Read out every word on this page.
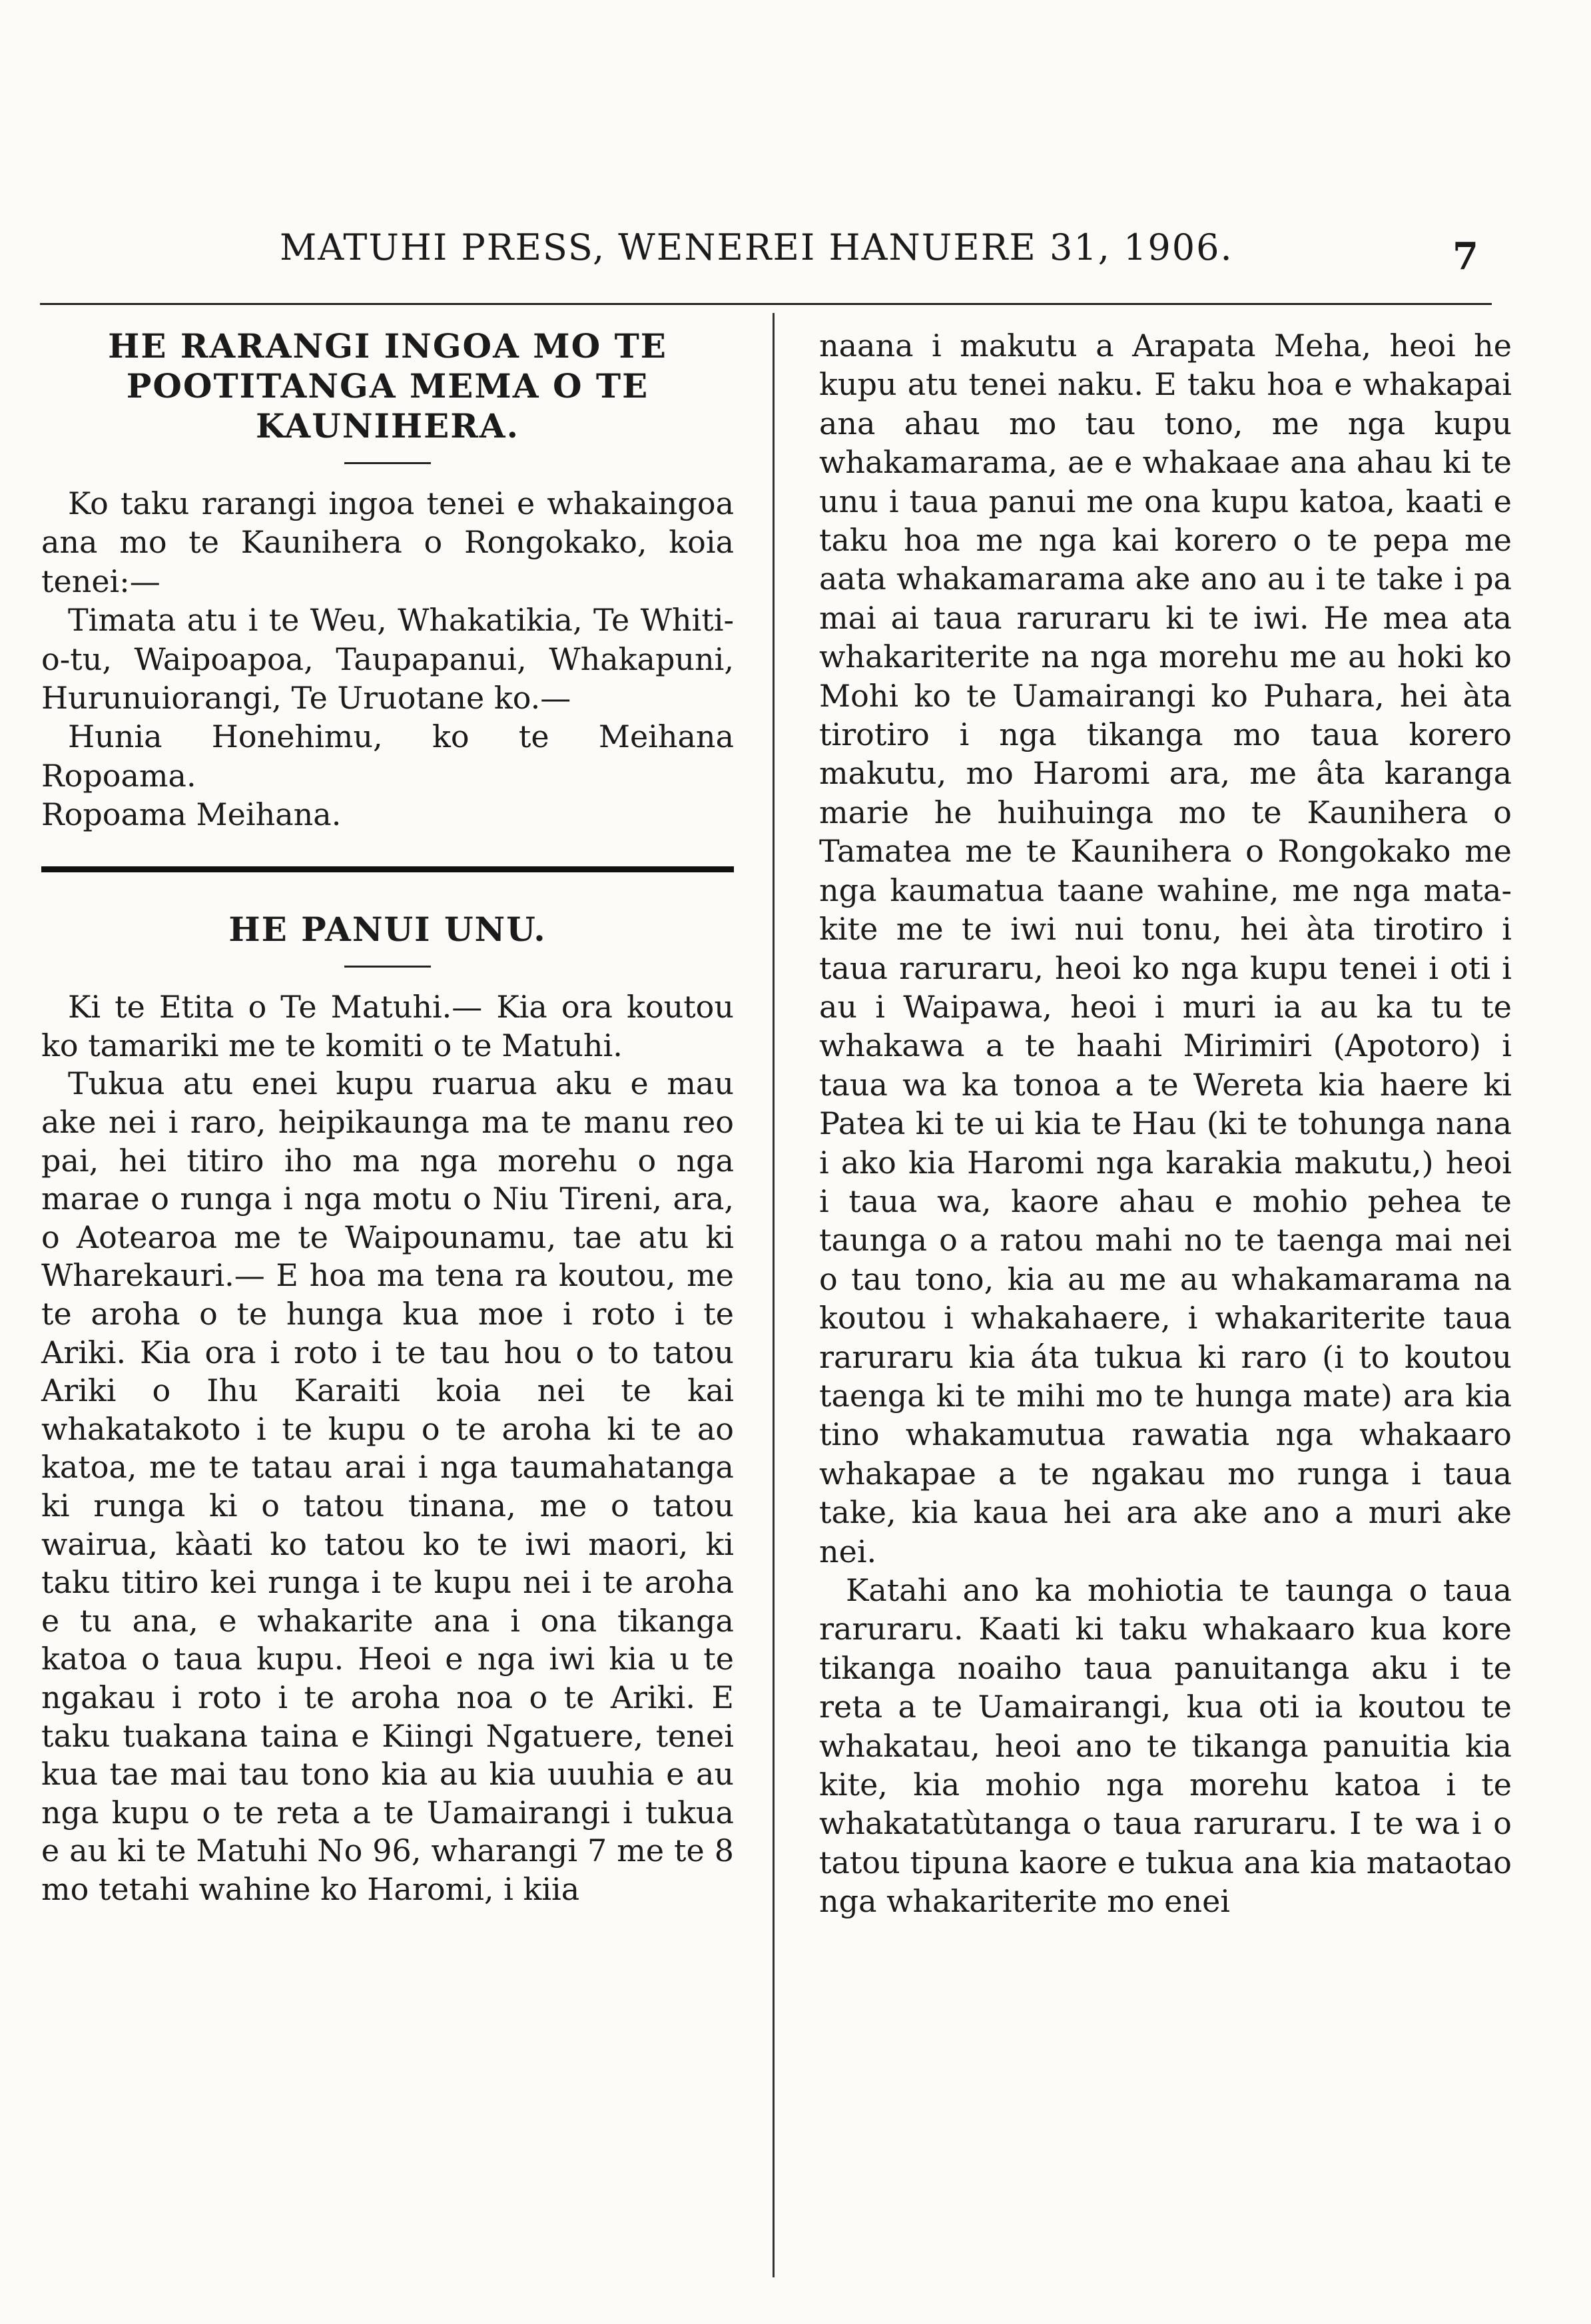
MATUHI PRESS, WENEREI HANUERE 31, 1906.	7
HE RARANGI INGOA MO TE POOTITANGA MEMA O TE KAUNIHERA.

Ko taku rarangi ingoa tenei e whakaingoa ana mo te Kaunihera o Rongokako, koia tenei:—

Timata atu i te Weu, Whakatikia, Te Whiti-o-tu, Waipoapoa, Taupapanui, Whakapuni, Hurunuiorangi, Te Uruotane ko.—

Hunia Honehimu, ko te Meihana Ropoama.

Ropoama Meihana.

HE PANUI UNU.

Ki te Etita o Te Matuhi.— Kia ora koutou ko tamariki me te komiti o te Matuhi.

Tukua atu enei kupu ruarua aku e mau ake nei i raro, heipikaunga ma te manu reo pai, hei titiro iho ma nga morehu o nga marae o runga i nga motu o Niu Tireni, ara, o Aotearoa me te Waipounamu, tae atu ki Wharekauri.— E hoa ma tena ra koutou, me te aroha o te hunga kua moe i roto i te Ariki. Kia ora i roto i te tau hou o to tatou Ariki o Ihu Karaiti koia nei te kai whakatakoto i te kupu o te aroha ki te ao katoa, me te tatau arai i nga taumahatanga ki runga ki o tatou tinana, me o tatou wairua, kàati ko tatou ko te iwi maori, ki taku titiro kei runga i te kupu nei i te aroha e tu ana, e whakarite ana i ona tikanga katoa o taua kupu. Heoi e nga iwi kia u te ngakau i roto i te aroha noa o te Ariki. E taku tuakana taina e Kiingi Ngatuere, tenei kua tae mai tau tono kia au kia uuuhia e au nga kupu o te reta a te Uamairangi i tukua e au ki te Matuhi No 96, wharangi 7 me te 8 mo tetahi wahine ko Haromi, i kiia

naana i makutu a Arapata Meha, heoi he kupu atu tenei naku. E taku hoa e whakapai ana ahau mo tau tono, me nga kupu whakamarama, ae e whakaae ana ahau ki te unu i taua panui me ona kupu katoa, kaati e taku hoa me nga kai korero o te pepa me aata whakamarama ake ano au i te take i pa mai ai taua raruraru ki te iwi. He mea ata whakariterite na nga morehu me au hoki ko Mohi ko te Uamairangi ko Puhara, hei àta tirotiro i nga tikanga mo taua korero makutu, mo Haromi ara, me âta karanga marie he huihuinga mo te Kaunihera o Tamatea me te Kaunihera o Rongokako me nga kaumatua taane wahine, me nga mata-kite me te iwi nui tonu, hei àta tirotiro i taua raruraru, heoi ko nga kupu tenei i oti i au i Waipawa, heoi i muri ia au ka tu te whakawa a te haahi Mirimiri (Apotoro) i taua wa ka tonoa a te Wereta kia haere ki Patea ki te ui kia te Hau (ki te tohunga nana i ako kia Haromi nga karakia makutu,) heoi i taua wa, kaore ahau e mohio pehea te taunga o a ratou mahi no te taenga mai nei o tau tono, kia au me au whakamarama na koutou i whakahaere, i whakariterite taua raruraru kia áta tukua ki raro (i to koutou taenga ki te mihi mo te hunga mate) ara kia tino whakamutua rawatia nga whakaaro whakapae a te ngakau mo runga i taua take, kia kaua hei ara ake ano a muri ake nei.

Katahi ano ka mohiotia te taunga o taua raruraru. Kaati ki taku whakaaro kua kore tikanga noaiho taua panuitanga aku i te reta a te Uamairangi, kua oti ia koutou te whakatau, heoi ano te tikanga panuitia kia kite, kia mohio nga morehu katoa i te whakatatùtanga o taua raruraru. I te wa i o tatou tipuna kaore e tukua ana kia mataotao nga whakariterite mo enei
